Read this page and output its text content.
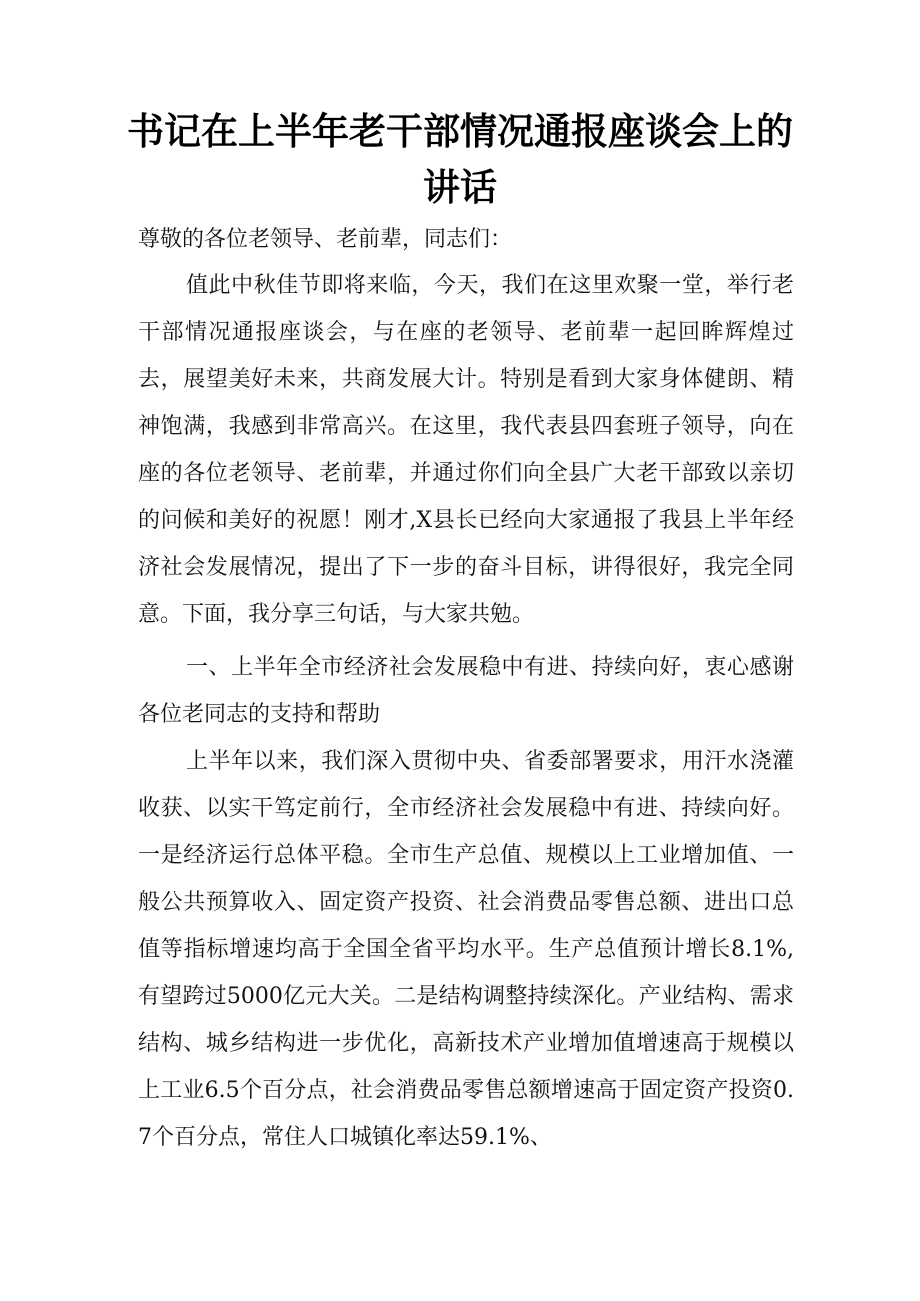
书记在上半年老干部情况通报座谈会上的讲话

尊敬的各位老领导、老前辈，同志们：

值此中秋佳节即将来临，今天，我们在这里欢聚一堂，举行老干部情况通报座谈会，与在座的老领导、老前辈一起回眸辉煌过去，展望美好未来，共商发展大计。特别是看到大家身体健朗、精神饱满，我感到非常高兴。在这里，我代表县四套班子领导，向在座的各位老领导、老前辈，并通过你们向全县广大老干部致以亲切的问候和美好的祝愿！刚才,X县长已经向大家通报了我县上半年经济社会发展情况，提出了下一步的奋斗目标，讲得很好，我完全同意。下面，我分享三句话，与大家共勉。

一、上半年全市经济社会发展稳中有进、持续向好，衷心感谢各位老同志的支持和帮助

上半年以来，我们深入贯彻中央、省委部署要求，用汗水浇灌收获、以实干笃定前行，全市经济社会发展稳中有进、持续向好。一是经济运行总体平稳。全市生产总值、规模以上工业增加值、一般公共预算收入、固定资产投资、社会消费品零售总额、进出口总值等指标增速均高于全国全省平均水平。生产总值预计增长8.1%,有望跨过5000亿元大关。二是结构调整持续深化。产业结构、需求结构、城乡结构进一步优化，高新技术产业增加值增速高于规模以上工业6.5个百分点，社会消费品零售总额增速高于固定资产投资0.7个百分点，常住人口城镇化率达59.1%、
